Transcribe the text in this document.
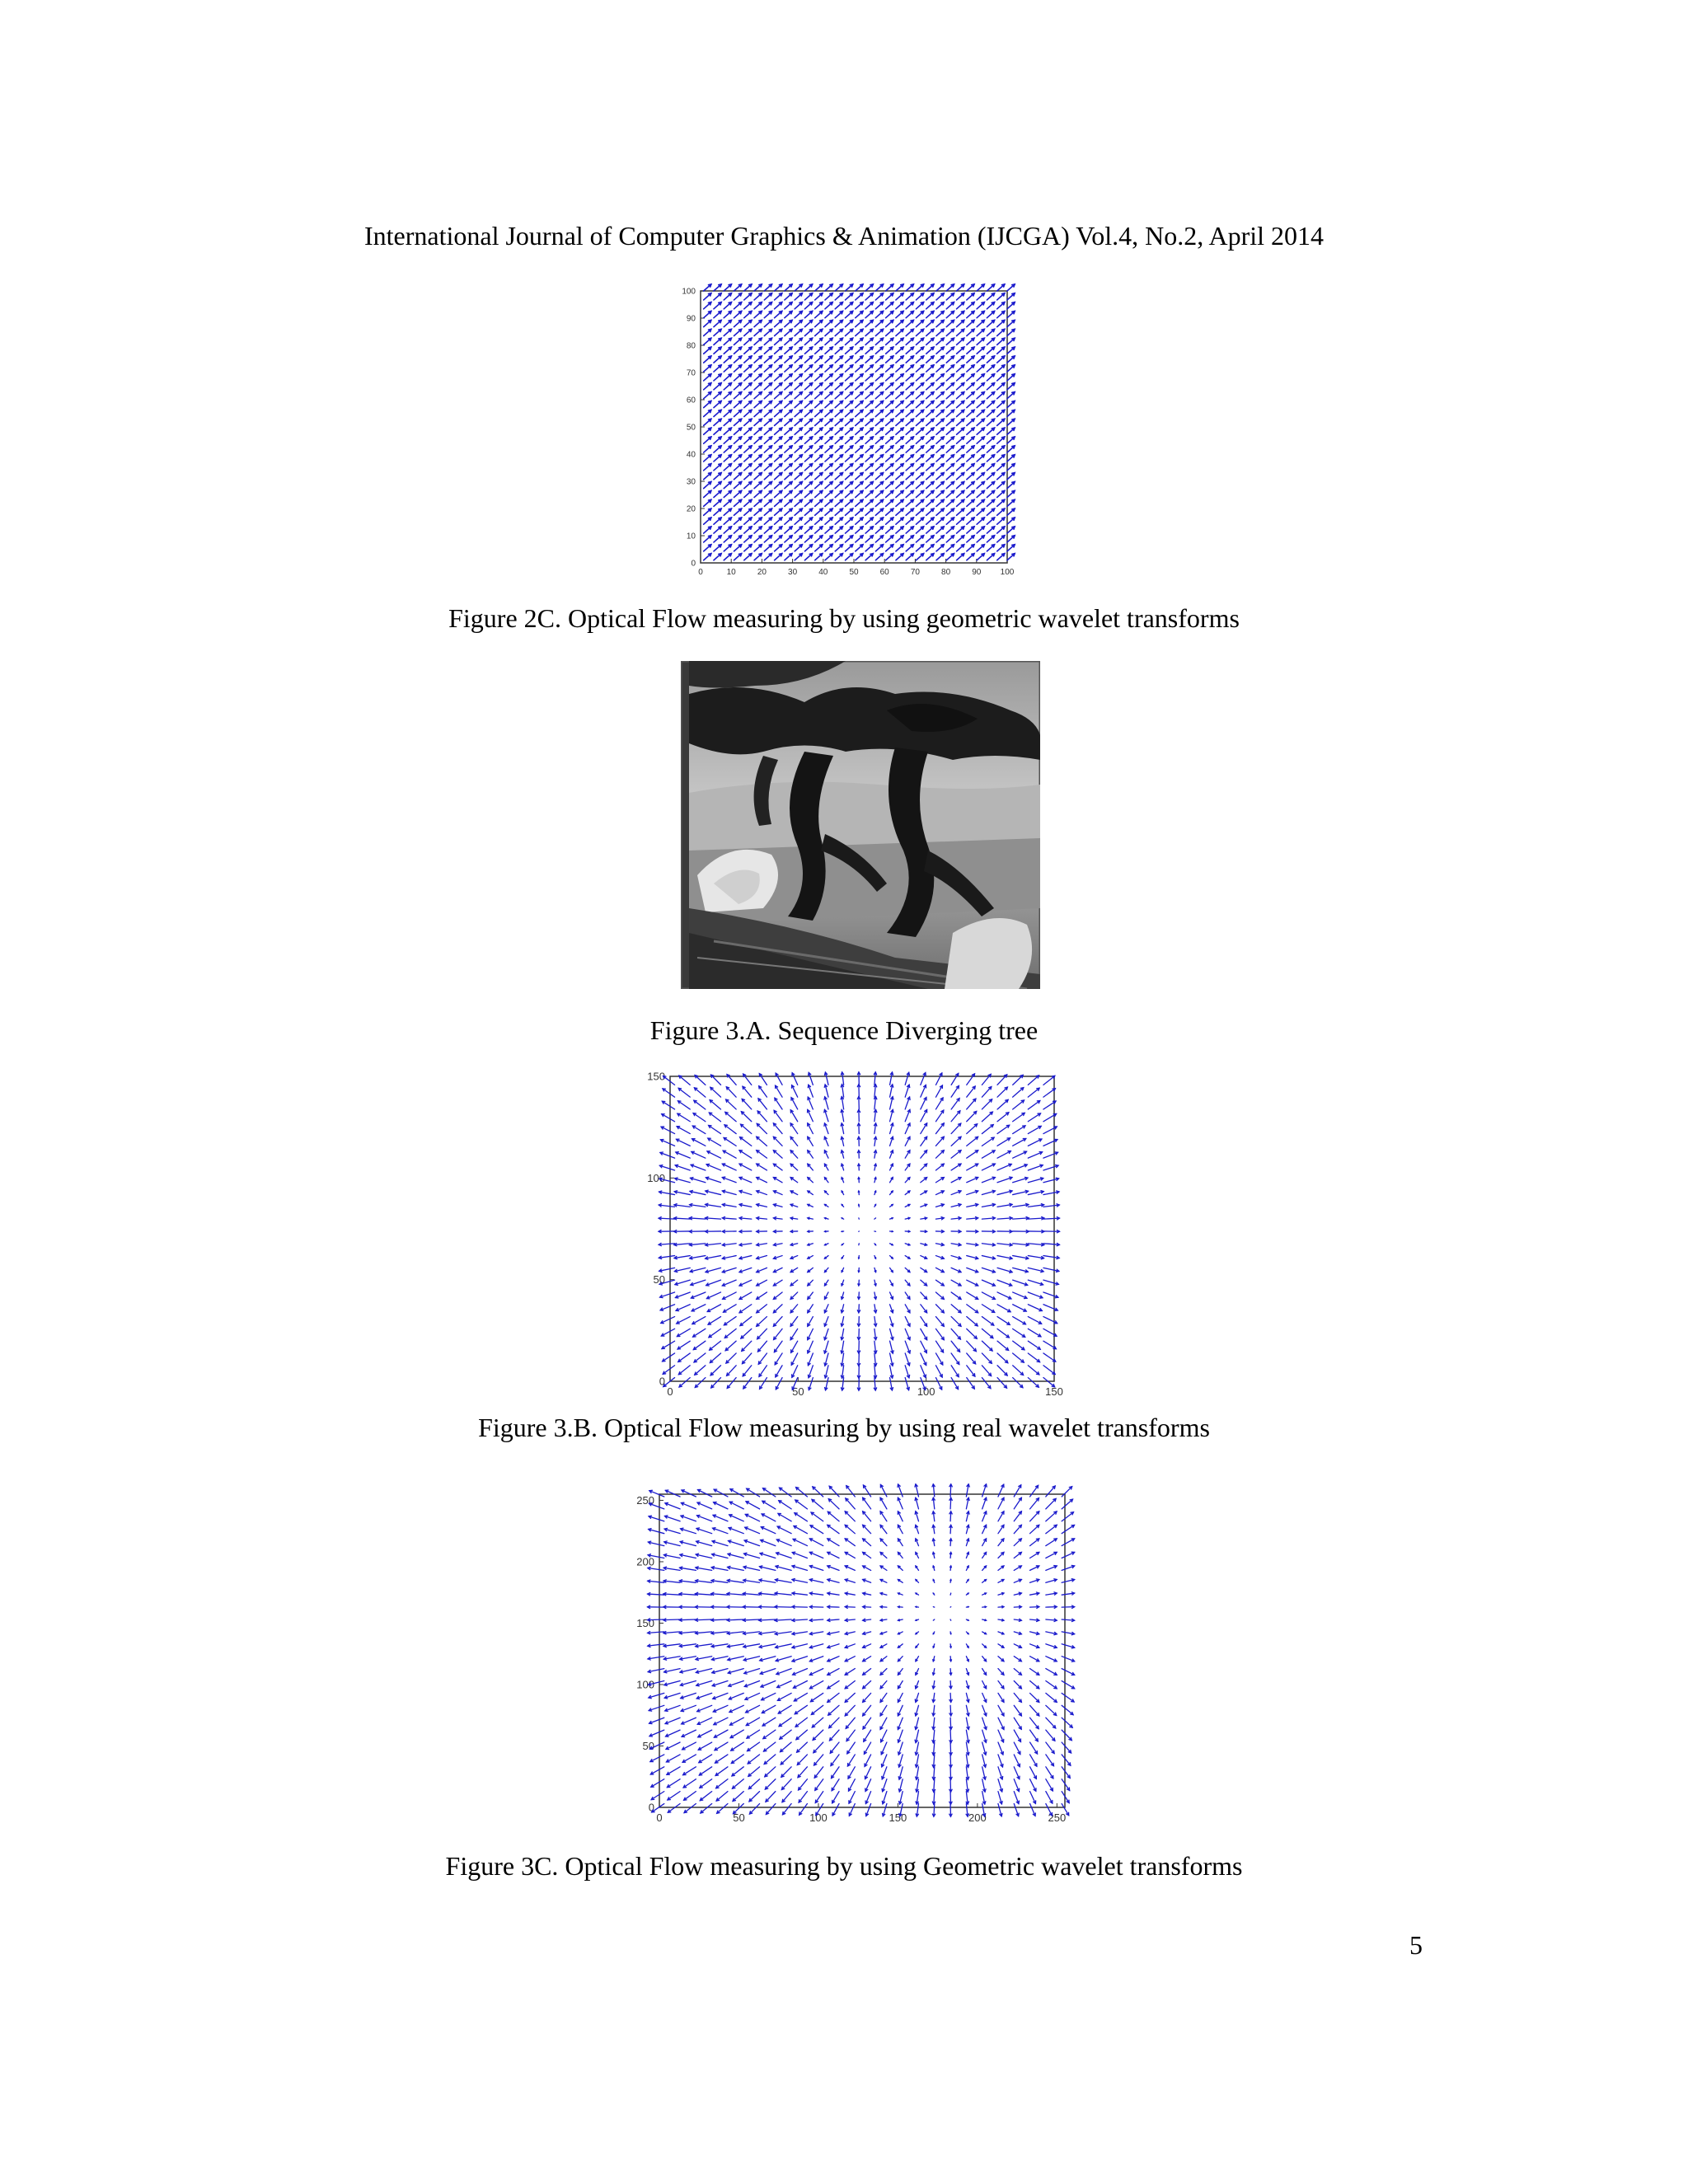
International Journal of Computer Graphics & Animation (IJCGA) Vol.4, No.2, April 2014
0	10	20	30	40	50	60	70	80	90 100
0
10
20
30
40
50
60
70
80
90
100
Figure 2C. Optical Flow measuring by using geometric wavelet transforms
Figure 3.A. Sequence Diverging tree
0	50	100	150
0
50
100
150
Figure 3.B. Optical Flow measuring by using real wavelet transforms
0	50	100	150	200	250
0
50
100
150
200
250
Figure 3C. Optical Flow measuring by using Geometric wavelet transforms
5
